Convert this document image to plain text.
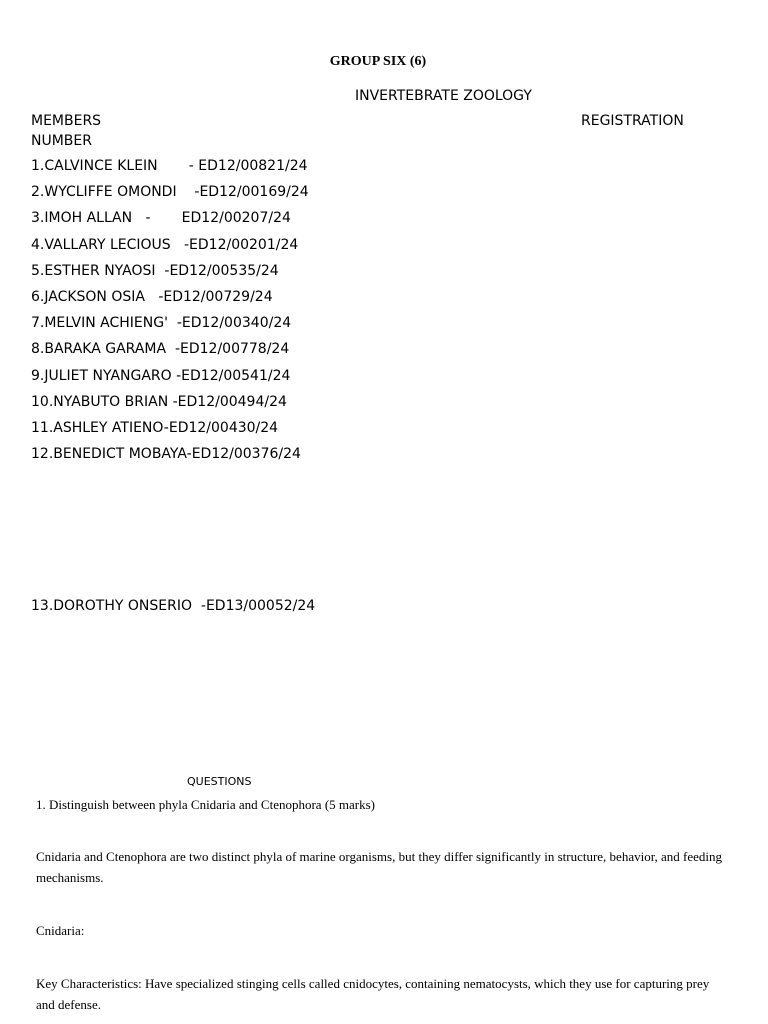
GROUP SIX (6)
INVERTEBRATE ZOOLOGY
MEMBERS	REGISTRATION
NUMBER
1.CALVINCE KLEIN       - ED12/00821/24
2.WYCLIFFE OMONDI    -ED12/00169/24
3.IMOH ALLAN   -       ED12/00207/24
4.VALLARY LECIOUS   -ED12/00201/24
5.ESTHER NYAOSI  -ED12/00535/24
6.JACKSON OSIA   -ED12/00729/24
7.MELVIN ACHIENG'  -ED12/00340/24
8.BARAKA GARAMA  -ED12/00778/24
9.JULIET NYANGARO -ED12/00541/24
10.NYABUTO BRIAN -ED12/00494/24
11.ASHLEY ATIENO-ED12/00430/24
12.BENEDICT MOBAYA-ED12/00376/24
13.DOROTHY ONSERIO  -ED13/00052/24
QUESTIONS

1. Distinguish between phyla Cnidaria and Ctenophora (5 marks)

Cnidaria and Ctenophora are two distinct phyla of marine organisms, but they differ significantly in structure, behavior, and feeding mechanisms.

Cnidaria:

Key Characteristics: Have specialized stinging cells called cnidocytes, containing nematocysts, which they use for capturing prey and defense.
